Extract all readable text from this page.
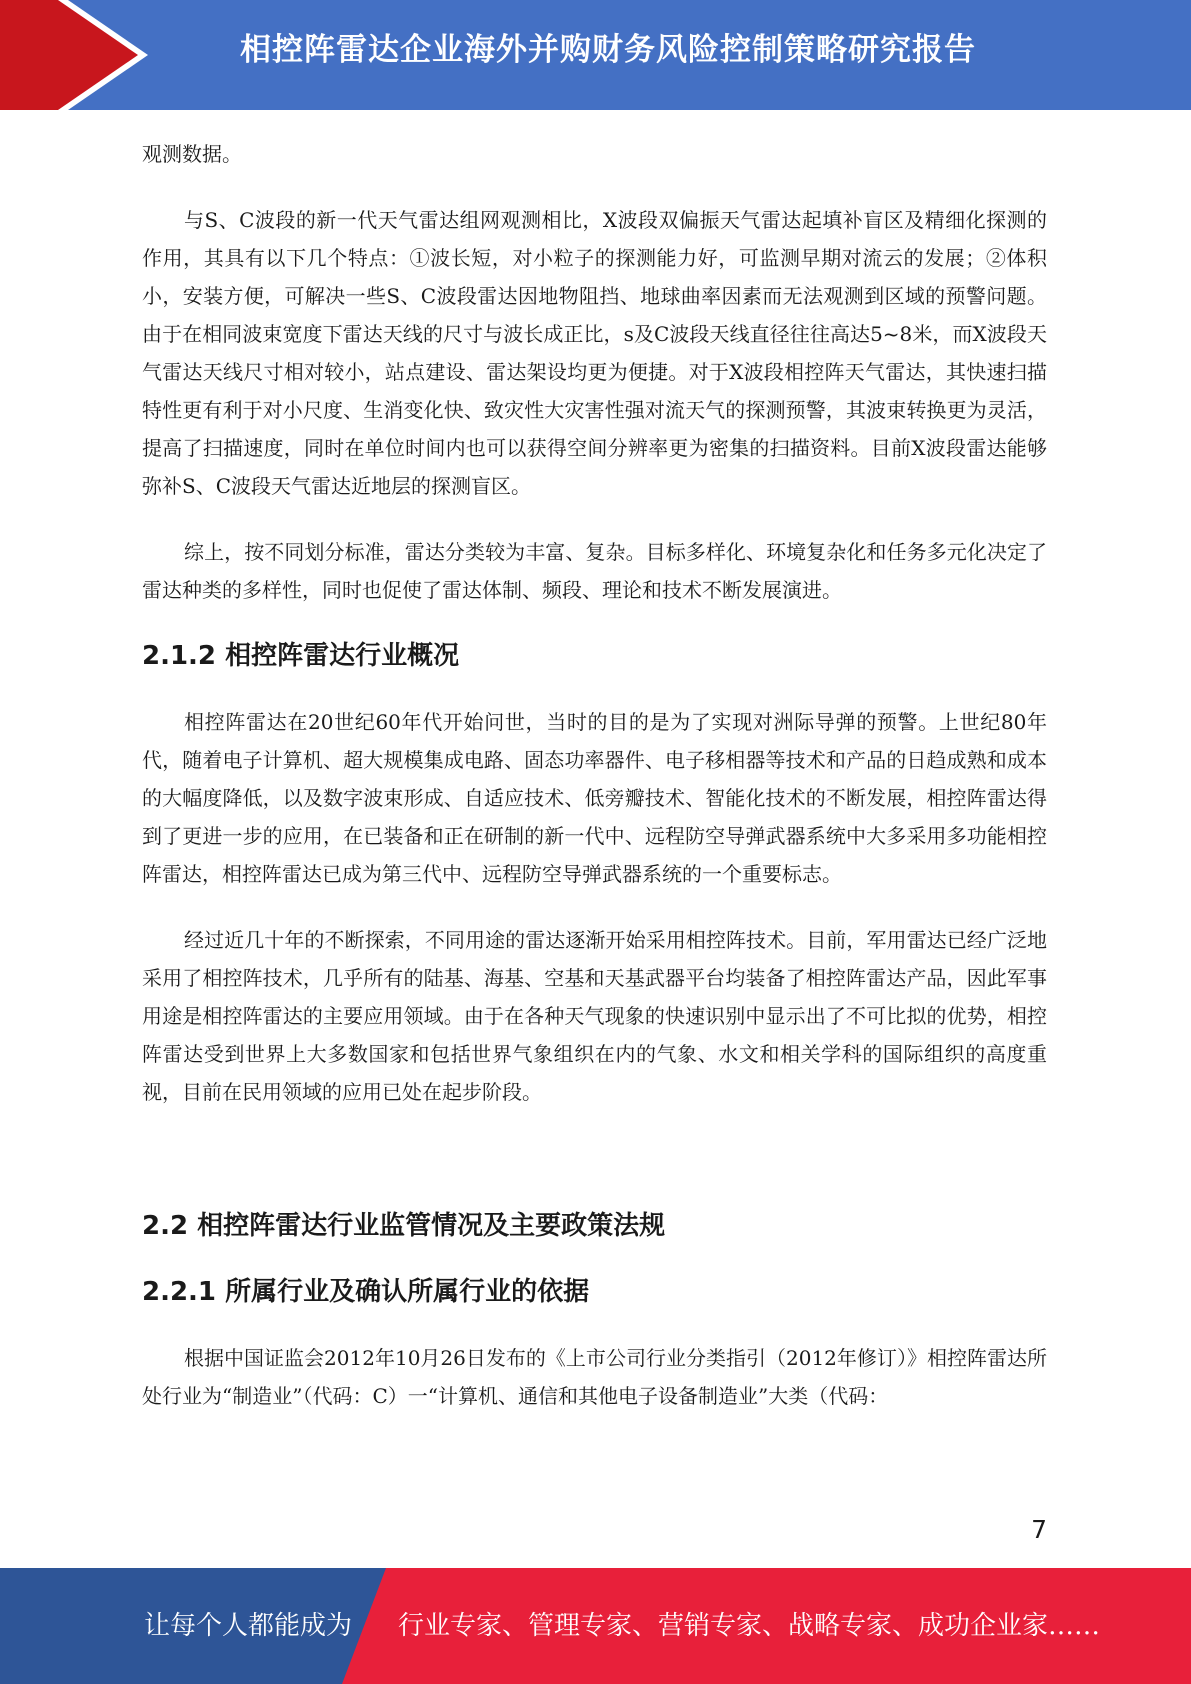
相控阵雷达企业海外并购财务风险控制策略研究报告

观测数据。

与S、C波段的新一代天气雷达组网观测相比，X波段双偏振天气雷达起填补盲区及精细化探测的作用，其具有以下几个特点：①波长短，对小粒子的探测能力好，可监测早期对流云的发展；②体积小，安装方便，可解决一些S、C波段雷达因地物阻挡、地球曲率因素而无法观测到区域的预警问题。由于在相同波束宽度下雷达天线的尺寸与波长成正比，s及C波段天线直径往往高达5~8米，而X波段天气雷达天线尺寸相对较小，站点建设、雷达架设均更为便捷。对于X波段相控阵天气雷达，其快速扫描特性更有利于对小尺度、生消变化快、致灾性大灾害性强对流天气的探测预警，其波束转换更为灵活，提高了扫描速度，同时在单位时间内也可以获得空间分辨率更为密集的扫描资料。目前X波段雷达能够弥补S、C波段天气雷达近地层的探测盲区。

综上，按不同划分标准，雷达分类较为丰富、复杂。目标多样化、环境复杂化和任务多元化决定了雷达种类的多样性，同时也促使了雷达体制、频段、理论和技术不断发展演进。

2.1.2 相控阵雷达行业概况

相控阵雷达在20世纪60年代开始问世，当时的目的是为了实现对洲际导弹的预警。上世纪80年代，随着电子计算机、超大规模集成电路、固态功率器件、电子移相器等技术和产品的日趋成熟和成本的大幅度降低，以及数字波束形成、自适应技术、低旁瓣技术、智能化技术的不断发展，相控阵雷达得到了更进一步的应用，在已装备和正在研制的新一代中、远程防空导弹武器系统中大多采用多功能相控阵雷达，相控阵雷达已成为第三代中、远程防空导弹武器系统的一个重要标志。

经过近几十年的不断探索，不同用途的雷达逐渐开始采用相控阵技术。目前，军用雷达已经广泛地采用了相控阵技术，几乎所有的陆基、海基、空基和天基武器平台均装备了相控阵雷达产品，因此军事用途是相控阵雷达的主要应用领域。由于在各种天气现象的快速识别中显示出了不可比拟的优势，相控阵雷达受到世界上大多数国家和包括世界气象组织在内的气象、水文和相关学科的国际组织的高度重视，目前在民用领域的应用已处在起步阶段。

2.2 相控阵雷达行业监管情况及主要政策法规
2.2.1 所属行业及确认所属行业的依据

根据中国证监会2012年10月26日发布的《上市公司行业分类指引（2012年修订）》相控阵雷达所处行业为“制造业”（代码：C）一“计算机、通信和其他电子设备制造业”大类（代码：

7
让每个人都能成为 行业专家、管理专家、营销专家、战略专家、成功企业家……
